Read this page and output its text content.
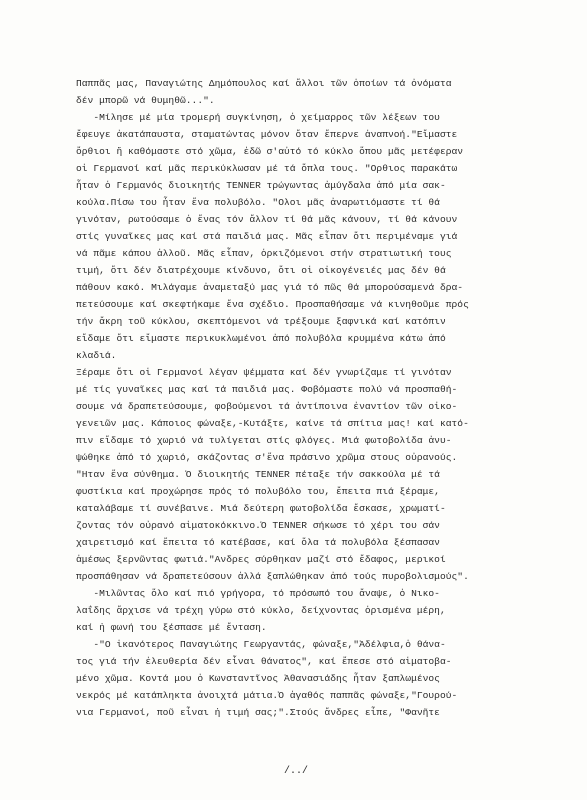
Παππᾶς μας, Παναγιώτης Δημόπουλος καί ἄλλοι τῶν ὁποίων τά ὀνόματα
δέν μπορῶ νά θυμηθῶ...".
-Μίλησε μέ μία τρομερή συγκίνηση, ὁ χείμαρρος τῶν λέξεων του
ἔφευγε ἀκατάπαυστα, σταματώντας μόνον ὅταν ἔπερνε ἀναπνοή."Εἴμαστε
ὄρθιοι ἤ καθόμαστε στό χῶμα, ἐδῶ σ'αὐτό τό κύκλο ὅπου μᾶς μετέφεραν
οἱ Γερμανοί καί μᾶς περικύκλωσαν μέ τά ὅπλα τους. "Ορθιος παρακάτω
ἦταν ὁ Γερμανός διοικητής TENNER τρώγωντας ἀμύγδαλα ἀπό μία σακ-
κούλα.Πίσω του ἦταν ἕνα πολυβόλο. "Ολοι μᾶς ἀναρωτιόμαστε τί θά
γινόταν, ρωτούσαμε ὁ ἕνας τόν ἄλλον τί θά μᾶς κάνουν, τί θά κάνουν
στίς γυναῖκες μας καί στά παιδιά μας. Μᾶς εἶπαν ὅτι περιμέναμε γιά
νά πᾶμε κάπου ἀλλοῦ. Μᾶς εἶπαν, ὁρκιζόμενοι στήν στρατιωτική τους
τιμή, ὅτι δέν διατρέχουμε κίνδυνο, ὅτι οἱ οἰκογένειές μας δέν θά
πάθουν κακό. Μιλάγαμε ἀναμεταξύ μας γιά τό πῶς θά μπορούσαμενά δρα-
πετεύσουμε καί σκεφτήκαμε ἕνα σχέδιο. Προσπαθήσαμε νά κινηθοῦμε πρός
τήν ἄκρη τοῦ κύκλου, σκεπτόμενοι νά τρέξουμε ξαφνικά καί κατόπιν
εἴδαμε ὅτι εἴμαστε περικυκλωμένοι ἀπό πολυβόλα κρυμμένα κάτω ἀπό
κλαδιά.
Ξέραμε ὅτι οἱ Γερμανοί λέγαν ψέμματα καί δέν γνωρίζαμε τί γινόταν
μέ τίς γυναῖκες μας καί τά παιδιά μας. Φοβόμαστε πολύ νά προσπαθή-
σουμε νά δραπετεύσουμε, φοβούμενοι τά ἀντίποινα ἐναντίον τῶν οἰκο-
γενειῶν μας. Κάποιος φώναξε,-Κυτάξτε, καίνε τά σπίτια μας! καί κατό-
πιν εἴδαμε τό χωριό νά τυλίγεται στίς φλόγες. Μιά φωτοβολίδα ἀνυ-
ψώθηκε ἀπό τό χωριό, σκάζοντας σ'ἕνα πράσινο χρῶμα στους οὐρανούς.
"Ηταν ἕνα σύνθημα. Ὁ διοικητής TENNER πέταξε τήν σακκούλα μέ τά
φυστίκια καί προχώρησε πρός τό πολυβόλο του, ἔπειτα πιά ξέραμε,
καταλάβαμε τί συνέβαινε. Μιά δεύτερη φωτοβολίδα ἔσκασε, χρωματί-
ζοντας τόν οὐρανό αἱματοκόκκινο.Ὁ TENNER σήκωσε τό χέρι του σάν
χαιρετισμό καί ἔπειτα τό κατέβασε, καί ὅλα τά πολυβόλα ξέσπασαν
ἀμέσως ξερνῶντας φωτιά."Ανδρες σύρθηκαν μαζί στό ἔδαφος, μερικοί
προσπάθησαν νά δραπετεύσουν ἀλλά ξαπλώθηκαν ἀπό τούς πυροβολισμούς".
-Μιλῶντας ὅλο καί πιό γρήγορα, τό πρόσωπό του ἄναψε, ὁ Νικο-
λαΐδης ἄρχισε νά τρέχη γύρω στό κύκλο, δείχνοντας ὁρισμένα μέρη,
καί ἡ φωνή του ξέσπασε μέ ἔνταση.
-"Ο ἱκανότερος Παναγιώτης Γεωργαντάς, φώναξε,"Ἀδέλφια,ὁ θάνα-
τος γιά τήν ἐλευθερία δέν εἶναι θάνατος", καί ἔπεσε στό αἱματοβα-
μένο χῶμα. Κοντά μου ὁ Κωνσταντῖνος Ἀθανασιάδης ἦταν ξαπλωμένος
νεκρός μέ κατάπληκτα ἀνοιχτά μάτια.Ὁ ἀγαθός παππᾶς φώναξε,"Γουρού-
νια Γερμανοί, ποῦ εἶναι ἡ τιμή σας;".Στούς ἄνδρες εἶπε, "Φανῆτε
/../
